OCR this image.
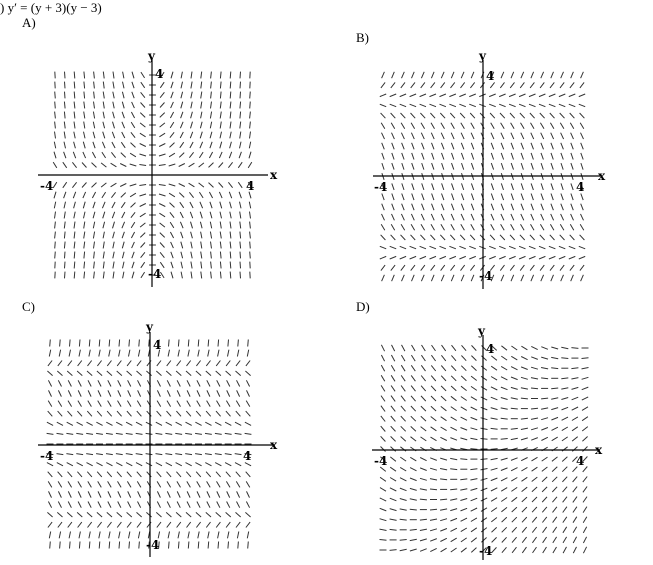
) y′ = (y + 3)(y − 3)
A)
B)
C)	D)
x
y
4
-4
-4	4
x
y
4
-4
-4	4
x
y
4
-4
-4	4	x
y
4
-4
-4	4
